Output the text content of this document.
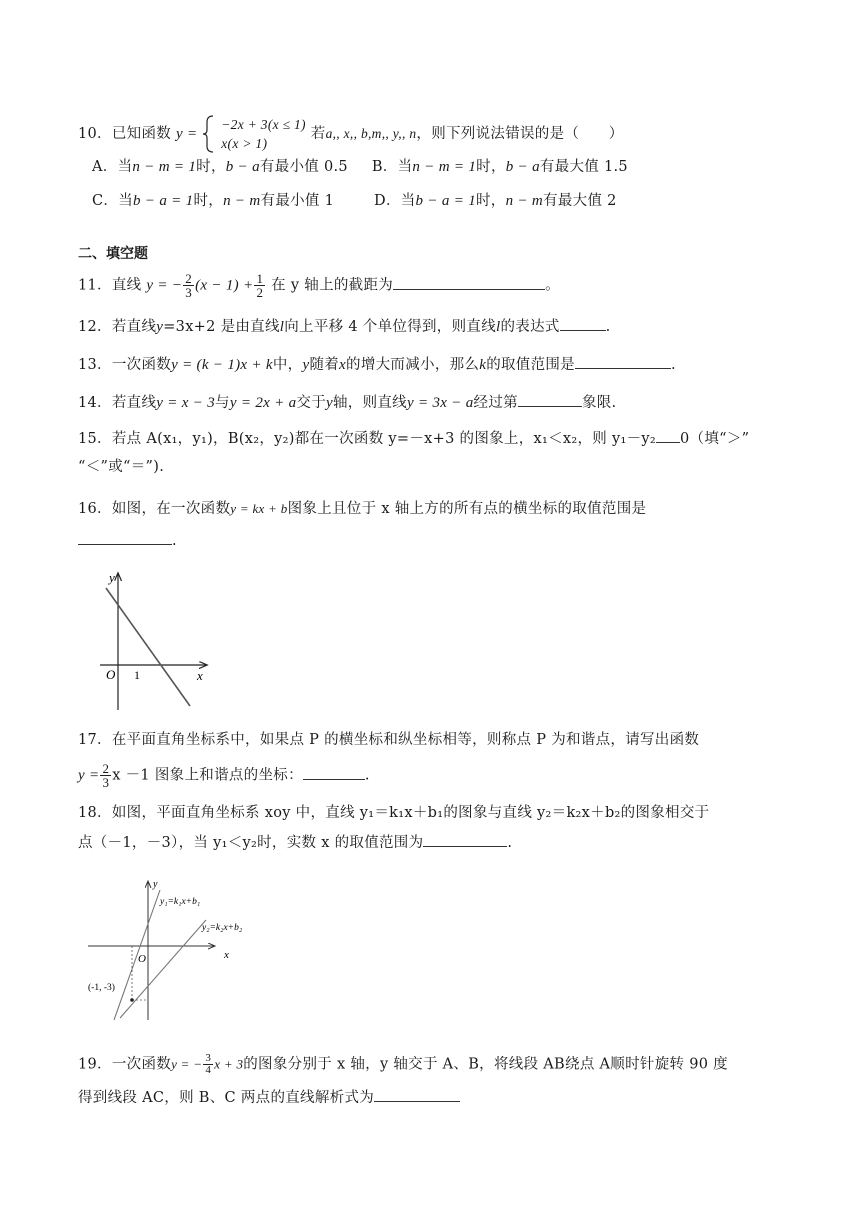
10．已知函数 y =
−2x + 3(x ≤ 1)
x(x > 1)
若a,, x,, b,m,, y,, n，则下列说法错误的是（　　）
A．当n − m = 1时，b − a有最小值 0.5 B．当n − m = 1时，b − a有最大值 1.5
C．当b − a = 1时，n − m有最小值 1	D．当b − a = 1时，n − m有最大值 2
二、填空题
11．直线 y = − $\frac{2}{3} (x - 1) + \frac{1}{2}$ 在 y 轴上的截距为	。
12．若直线y=3x+2 是由直线l向上平移 4 个单位得到，则直线l的表达式	.
13．一次函数y = (k − 1)x + k中，y随着x的增大而减小，那么k的取值范围是	.
14．若直线y = x − 3与y = 2x + a交于y轴，则直线y = 3x − a经过第	象限.
15．若点 A(x₁，y₁)，B(x₂，y₂)都在一次函数 y=－x+3 的图象上，x₁＜x₂，则 y₁－y₂ 0（填“＞”
“＜”或“＝”).
16．如图，在一次函数y = kx + b图象上且位于 x 轴上方的所有点的横坐标的取值范围是
.
y
x
O 1
17．在平面直角坐标系中，如果点 P 的横坐标和纵坐标相等，则称点 P 为和谐点，请写出函数
$y = \frac{2}{3}$ x －1 图象上和谐点的坐标：	.
18．如图，平面直角坐标系 xoy 中，直线 y₁＝k₁x＋b₁的图象与直线 y₂＝k₂x＋b₂的图象相交于
点（－1，－3），当 y₁＜y₂时，实数 x 的取值范围为	.
y
x
O
y₁=k₁x+b₁
y₂=k₂x+b₂
(-1, -3)
19．一次函数y = − $\frac{3}{4}$ x + 3的图象分别于 x 轴，y 轴交于 A、B，将线段 AB绕点 A顺时针旋转 90 度
得到线段 AC，则 B、C 两点的直线解析式为
